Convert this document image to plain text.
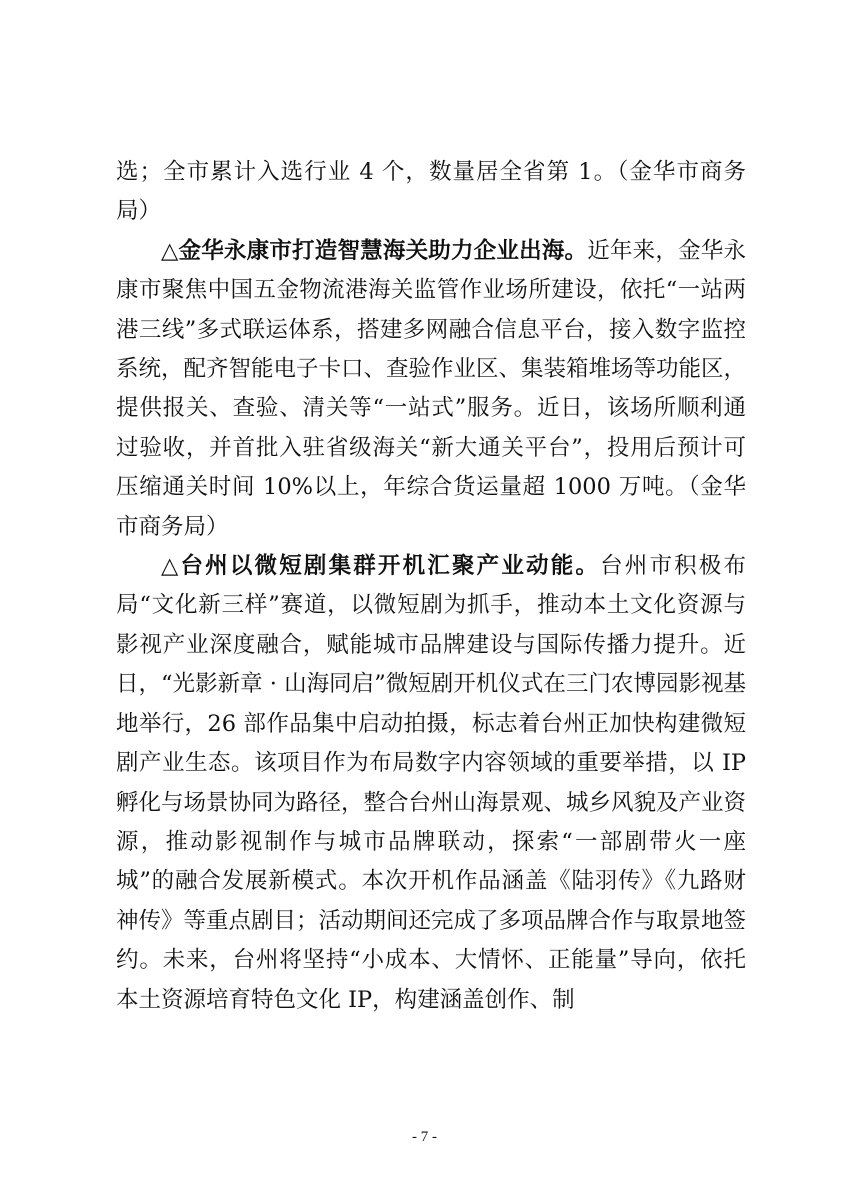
选；全市累计入选行业 4 个，数量居全省第 1。（金华市商务局）

△金华永康市打造智慧海关助力企业出海。近年来，金华永康市聚焦中国五金物流港海关监管作业场所建设，依托“一站两港三线”多式联运体系，搭建多网融合信息平台，接入数字监控系统，配齐智能电子卡口、查验作业区、集装箱堆场等功能区，提供报关、查验、清关等“一站式”服务。近日，该场所顺利通过验收，并首批入驻省级海关“新大通关平台”，投用后预计可压缩通关时间 10%以上，年综合货运量超 1000 万吨。（金华市商务局）

△台州以微短剧集群开机汇聚产业动能。台州市积极布局“文化新三样”赛道，以微短剧为抓手，推动本土文化资源与影视产业深度融合，赋能城市品牌建设与国际传播力提升。近日，“光影新章 · 山海同启”微短剧开机仪式在三门农博园影视基地举行，26 部作品集中启动拍摄，标志着台州正加快构建微短剧产业生态。该项目作为布局数字内容领域的重要举措，以 IP 孵化与场景协同为路径，整合台州山海景观、城乡风貌及产业资源，推动影视制作与城市品牌联动，探索“一部剧带火一座城”的融合发展新模式。本次开机作品涵盖《陆羽传》《九路财神传》等重点剧目；活动期间还完成了多项品牌合作与取景地签约。未来，台州将坚持“小成本、大情怀、正能量”导向，依托本土资源培育特色文化 IP，构建涵盖创作、制

- 7 -
